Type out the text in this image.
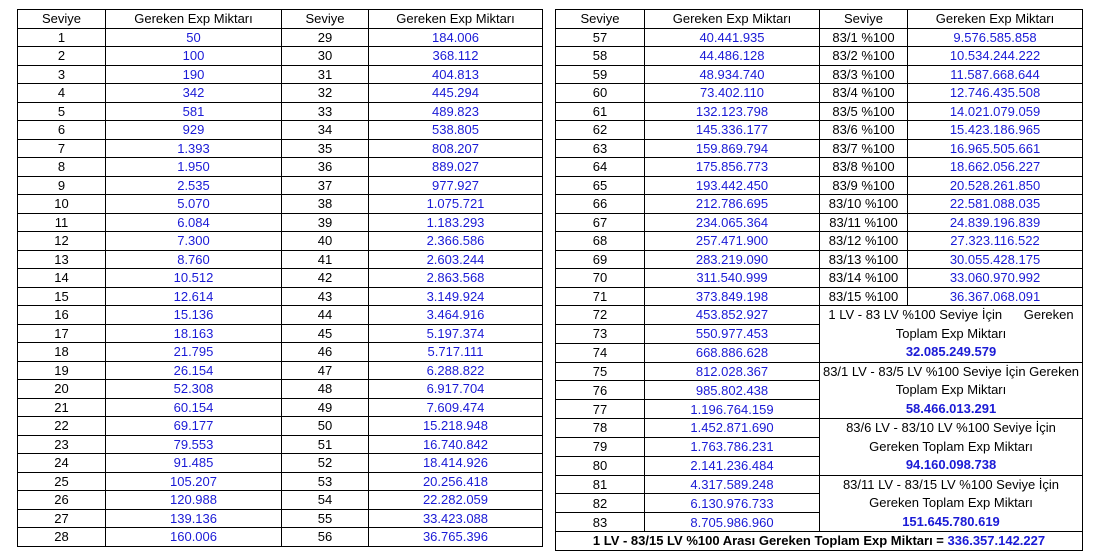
Seviye	Gereken Exp Miktarı	Seviye	Gereken Exp Miktarı
1	50	29	184.006
2	100	30	368.112
3	190	31	404.813
4	342	32	445.294
5	581	33	489.823
6	929	34	538.805
7	1.393	35	808.207
8	1.950	36	889.027
9	2.535	37	977.927
10	5.070	38	1.075.721
11	6.084	39	1.183.293
12	7.300	40	2.366.586
13	8.760	41	2.603.244
14	10.512	42	2.863.568
15	12.614	43	3.149.924
16	15.136	44	3.464.916
17	18.163	45	5.197.374
18	21.795	46	5.717.111
19	26.154	47	6.288.822
20	52.308	48	6.917.704
21	60.154	49	7.609.474
22	69.177	50	15.218.948
23	79.553	51	16.740.842
24	91.485	52	18.414.926
25	105.207	53	20.256.418
26	120.988	54	22.282.059
27	139.136	55	33.423.088
28	160.006	56	36.765.396
Seviye	Gereken Exp Miktarı	Seviye	Gereken Exp Miktarı
57	40.441.935	83/1 %100	9.576.585.858
58	44.486.128	83/2 %100	10.534.244.222
59	48.934.740	83/3 %100	11.587.668.644
60	73.402.110	83/4 %100	12.746.435.508
61	132.123.798	83/5 %100	14.021.079.059
62	145.336.177	83/6 %100	15.423.186.965
63	159.869.794	83/7 %100	16.965.505.661
64	175.856.773	83/8 %100	18.662.056.227
65	193.442.450	83/9 %100	20.528.261.850
66	212.786.695	83/10 %100	22.581.088.035
67	234.065.364	83/11 %100	24.839.196.839
68	257.471.900	83/12 %100	27.323.116.522
69	283.219.090	83/13 %100	30.055.428.175
70	311.540.999	83/14 %100	33.060.970.992
71	373.849.198	83/15 %100	36.367.068.091
72	453.852.927	1 LV - 83 LV %100 Seviye İçin      Gereken
Toplam Exp Miktarı
32.085.249.579	

73	550.977.453		
74	668.886.628		
75	812.028.367	83/1 LV - 83/5 LV %100 Seviye İçin Gereken
Toplam Exp Miktarı
58.466.013.291	

76	985.802.438		
77	1.196.764.159		
78	1.452.871.690	83/6 LV - 83/10 LV %100 Seviye İçin
Gereken Toplam Exp Miktarı
94.160.098.738	

79	1.763.786.231		
80	2.141.236.484		
81	4.317.589.248	83/11 LV - 83/15 LV %100 Seviye İçin
Gereken Toplam Exp Miktarı
151.645.780.619	

82	6.130.976.733		
83	8.705.986.960		
1 LV - 83/15 LV %100 Arası Gereken Toplam Exp Miktarı = 336.357.142.227			
